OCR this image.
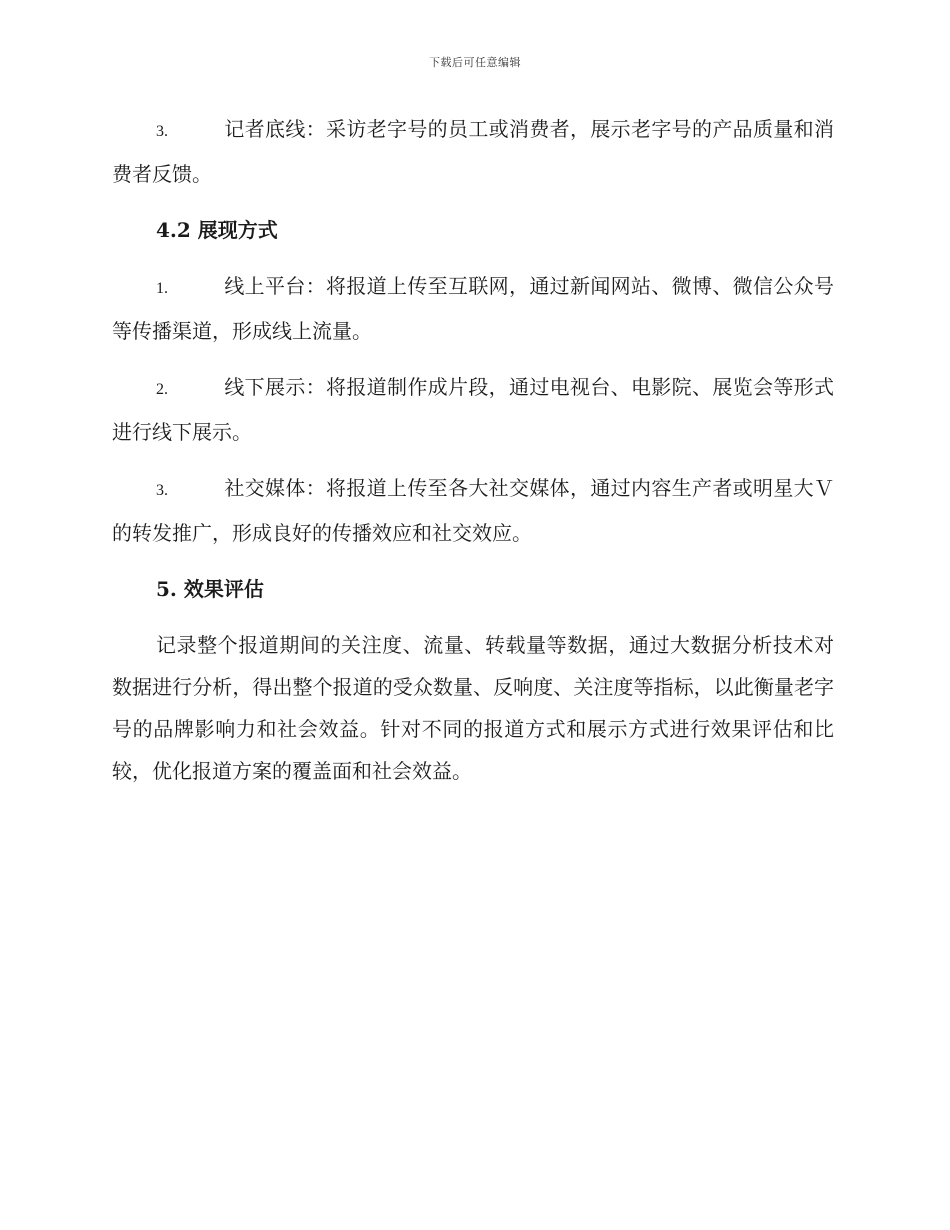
下载后可任意编辑

3.	记者底线：采访老字号的员工或消费者，展示老字号的产品质量和消费者反馈。

4.2 展现方式

1.	线上平台：将报道上传至互联网，通过新闻网站、微博、微信公众号等传播渠道，形成线上流量。

2.	线下展示：将报道制作成片段，通过电视台、电影院、展览会等形式进行线下展示。

3.	社交媒体：将报道上传至各大社交媒体，通过内容生产者或明星大Ｖ的转发推广，形成良好的传播效应和社交效应。

5. 效果评估

记录整个报道期间的关注度、流量、转载量等数据，通过大数据分析技术对数据进行分析，得出整个报道的受众数量、反响度、关注度等指标，以此衡量老字号的品牌影响力和社会效益。针对不同的报道方式和展示方式进行效果评估和比较，优化报道方案的覆盖面和社会效益。
